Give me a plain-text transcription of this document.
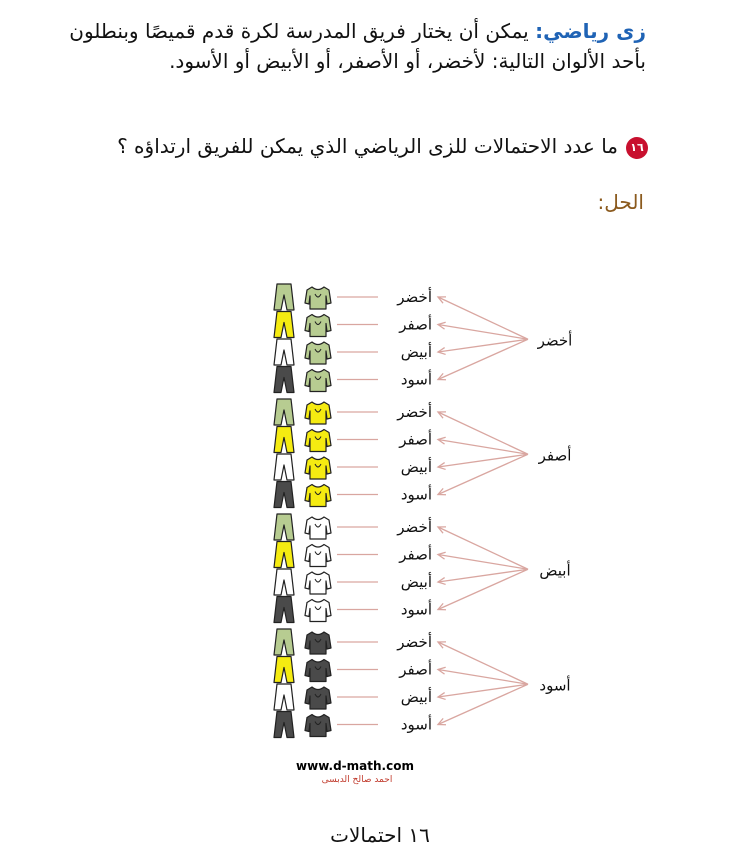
زى رياضي: يمكن أن يختار فريق المدرسة لكرة قدم قميصًا وبنطلون بأحد الألوان التالية: لأخضر، أو الأصفر، أو الأبيض أو الأسود.
١٦ما عدد الاحتمالات للزى الرياضي الذي يمكن للفريق ارتداؤه ؟
الحل:
أخضر
أخضر
أصفر
أبيض
أسود
أصفر
أخضر
أصفر
أبيض
أسود
أبيض
أخضر
أصفر
أبيض
أسود
أسود
أخضر
أصفر
أبيض
أسود
www.d-math.com
احمد صالح الدبسى
١٦ احتمالات
